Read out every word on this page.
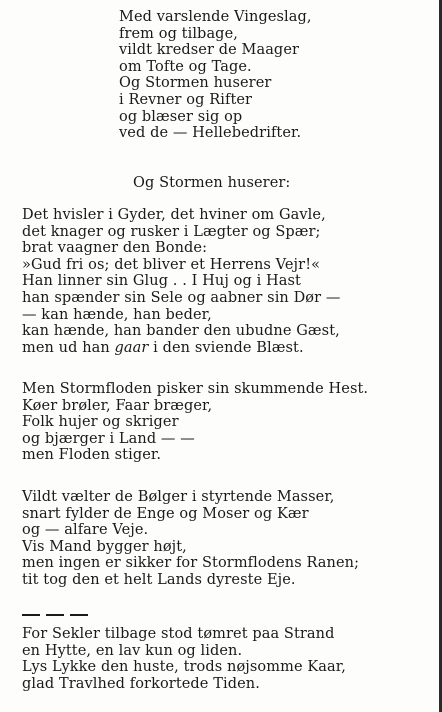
Med varslende Vingeslag,
frem og tilbage,
vildt kredser de Maager
om Tofte og Tage.
Og Stormen huserer
i Revner og Rifter
og blæser sig op
ved de — Hellebedrifter.
Og Stormen huserer:
Det hvisler i Gyder, det hviner om Gavle,
det knager og rusker i Lægter og Spær;
brat vaagner den Bonde:
»Gud fri os; det bliver et Herrens Vejr!«
Han linner sin Glug . . I Huj og i Hast
han spænder sin Sele og aabner sin Dør —
— kan hænde, han beder,
kan hænde, han bander den ubudne Gæst,
men ud han gaar i den sviende Blæst.
Men Stormfloden pisker sin skummende Hest.
Køer brøler, Faar bræger,
Folk hujer og skriger
og bjærger i Land — —
men Floden stiger.
Vildt vælter de Bølger i styrtende Masser,
snart fylder de Enge og Moser og Kær
og — alfare Veje.
Vis Mand bygger højt,
men ingen er sikker for Stormflodens Ranen;
tit tog den et helt Lands dyreste Eje.
For Sekler tilbage stod tømret paa Strand
en Hytte, en lav kun og liden.
Lys Lykke den huste, trods nøjsomme Kaar,
glad Travlhed forkortede Tiden.
